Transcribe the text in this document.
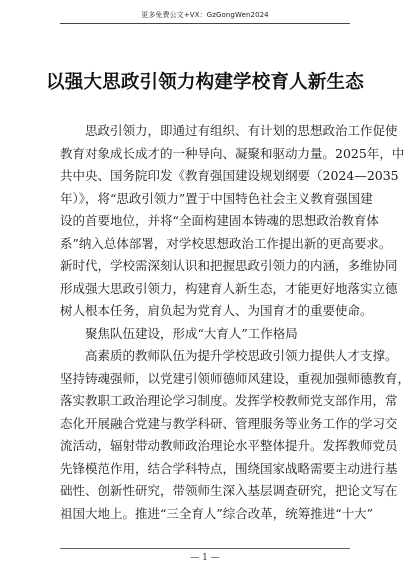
更多免费公文+VX：GzGongWen2024
以强大思政引领力构建学校育人新生态
思政引领力，即通过有组织、有计划的思想政治工作促使
教育对象成长成才的一种导向、凝聚和驱动力量。2025年，中
共中央、国务院印发《教育强国建设规划纲要（2024—2035
年）》，将“思政引领力”置于中国特色社会主义教育强国建
设的首要地位，并将“全面构建固本铸魂的思想政治教育体
系”纳入总体部署，对学校思想政治工作提出新的更高要求。
新时代，学校需深刻认识和把握思政引领力的内涵，多维协同
形成强大思政引领力，构建育人新生态，才能更好地落实立德
树人根本任务，肩负起为党育人、为国育才的重要使命。
聚焦队伍建设，形成“大育人”工作格局
高素质的教师队伍为提升学校思政引领力提供人才支撑。
坚持铸魂强师，以党建引领师德师风建设，重视加强师德教育，
落实教职工政治理论学习制度。发挥学校教师党支部作用，常
态化开展融合党建与教学科研、管理服务等业务工作的学习交
流活动，辐射带动教师政治理论水平整体提升。发挥教师党员
先锋模范作用，结合学科特点，围绕国家战略需要主动进行基
础性、创新性研究，带领师生深入基层调查研究，把论文写在
祖国大地上。推进“三全育人”综合改革，统筹推进“十大”
— 1 —
